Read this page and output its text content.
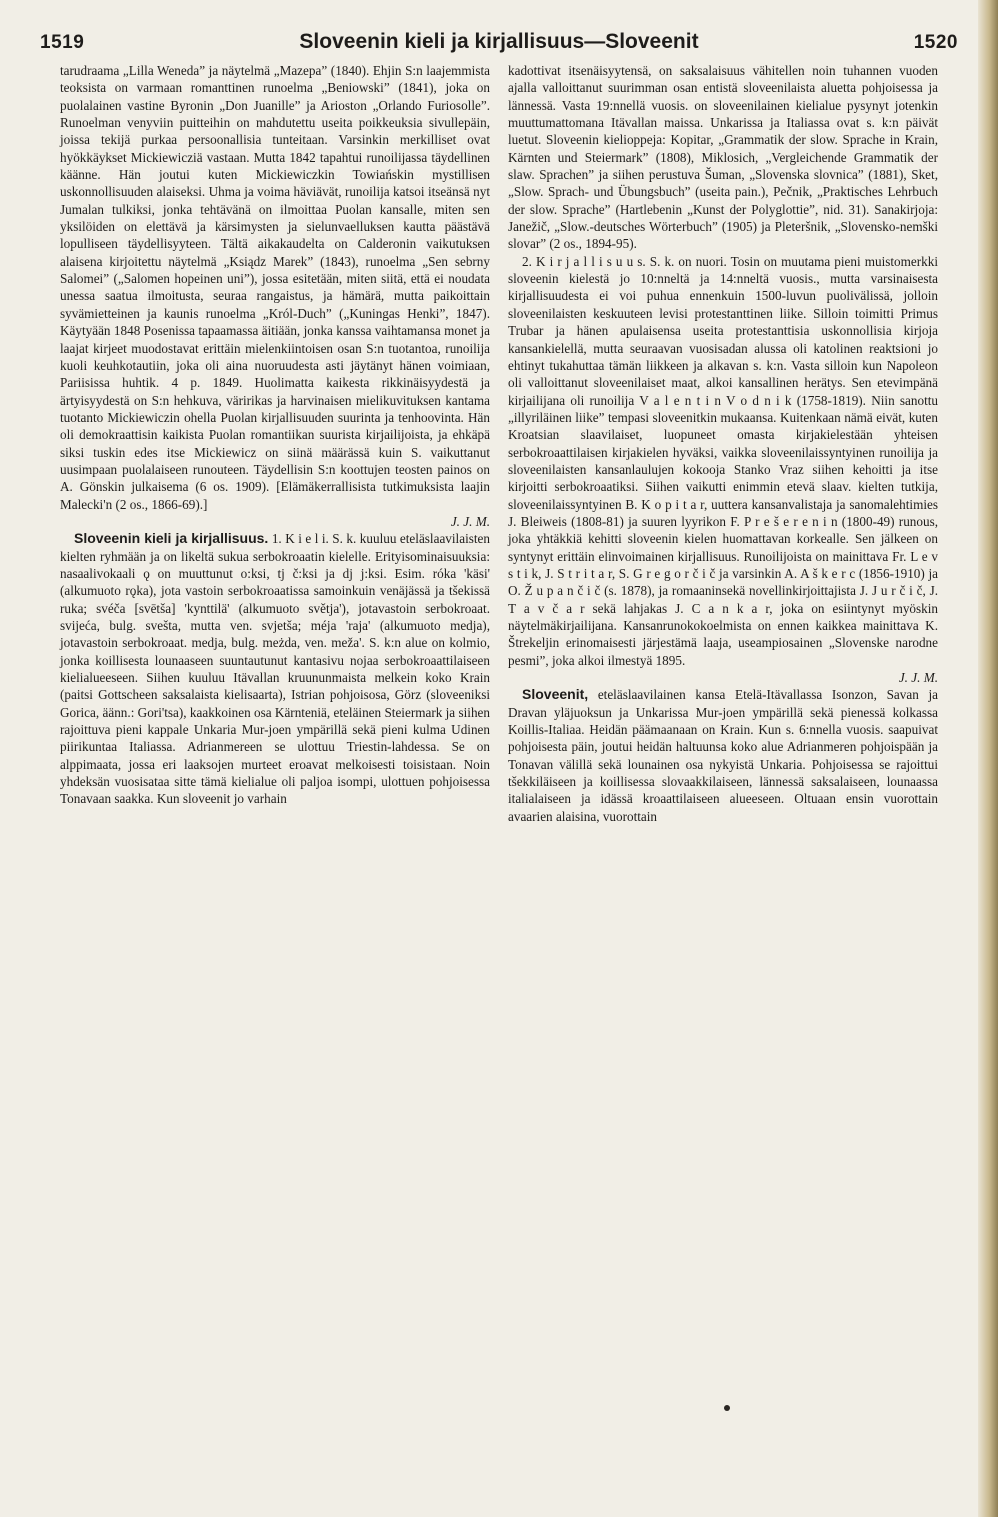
1519	Sloveenin kieli ja kirjallisuus—Sloveenit	1520

tarudraama „Lilla Weneda” ja näytelmä „Mazepa” (1840). Ehjin S:n laajemmista teoksista on varmaan romanttinen runoelma „Beniowski” (1841), joka on puolalainen vastine Byronin „Don Juanille” ja Arioston „Orlando Furiosolle”. Runoelman venyviin puitteihin on mahdutettu useita poikkeuksia sivullepäin, joissa tekijä purkaa persoonallisia tunteitaan. Varsinkin merkilliset ovat hyökkäykset Mickiewicziä vastaan. Mutta 1842 tapahtui runoilijassa täydellinen käänne. Hän joutui kuten Mickiewiczkin Towiańskin mystillisen uskonnollisuuden alaiseksi. Uhma ja voima häviävät, runoilija katsoi itseänsä nyt Jumalan tulkiksi, jonka tehtävänä on ilmoittaa Puolan kansalle, miten sen yksilöiden on elettävä ja kärsimysten ja sielunvaelluksen kautta päästävä lopulliseen täydellisyyteen. Tältä aikakaudelta on Calderonin vaikutuksen alaisena kirjoitettu näytelmä „Ksiądz Marek” (1843), runoelma „Sen sebrny Salomei” („Salomen hopeinen uni”), jossa esitetään, miten siitä, että ei noudata unessa saatua ilmoitusta, seuraa rangaistus, ja hämärä, mutta paikoittain syvämietteinen ja kaunis runoelma „Król-Duch” („Kuningas Henki”, 1847). Käytyään 1848 Posenissa tapaamassa äitiään, jonka kanssa vaihtamansa monet ja laajat kirjeet muodostavat erittäin mielenkiintoisen osan S:n tuotantoa, runoilija kuoli keuhkotautiin, joka oli aina nuoruudesta asti jäytänyt hänen voimiaan, Pariisissa huhtik. 4 p. 1849. Huolimatta kaikesta rikkinäisyydestä ja ärtyisyydestä on S:n hehkuva, väririkas ja harvinaisen mielikuvituksen kantama tuotanto Mickiewiczin ohella Puolan kirjallisuuden suurinta ja tenhoovinta. Hän oli demokraattisin kaikista Puolan romantiikan suurista kirjailijoista, ja ehkäpä siksi tuskin edes itse Mickiewicz on siinä määrässä kuin S. vaikuttanut uusimpaan puolalaiseen runouteen. Täydellisin S:n koottujen teosten painos on A. Gönskin julkaisema (6 os. 1909). [Elämäkerrallisista tutkimuksista laajin Malecki'n (2 os., 1866-69).]

J. J. M.

Sloveenin kieli ja kirjallisuus. 1. K i e l i. S. k. kuuluu eteläslaavilaisten kielten ryhmään ja on likeltä sukua serbokroaatin kielelle. Erityisominaisuuksia: nasaalivokaali ǫ on muuttunut o:ksi, tj č:ksi ja dj j:ksi. Esim. róka 'käsi' (alkumuoto rǫka), jota vastoin serbokroaatissa samoinkuin venäjässä ja tšekissä ruka; svéča [svētša] 'kynttilä' (alkumuoto světja'), jotavastoin serbokroaat. svijeća, bulg. svešta, mutta ven. svjetša; méja 'raja' (alkumuoto medja), jotavastoin serbokroaat. medja, bulg. meżda, ven. meža'. S. k:n alue on kolmio, jonka koillisesta lounaaseen suuntautunut kantasivu nojaa serbokroaattilaiseen kielialueeseen. Siihen kuuluu Itävallan kruununmaista melkein koko Krain (paitsi Gottscheen saksalaista kielisaarta), Istrian pohjoisosa, Görz (sloveeniksi Gorica, äänn.: Gori'tsa), kaakkoinen osa Kärnteniä, eteläinen Steiermark ja siihen rajoittuva pieni kappale Unkaria Mur-joen ympärillä sekä pieni kulma Udinen piirikuntaa Italiassa. Adrianmereen se ulottuu Triestin-lahdessa. Se on alppimaata, jossa eri laaksojen murteet eroavat melkoisesti toisistaan. Noin yhdeksän vuosisataa sitte tämä kielialue oli paljoa isompi, ulottuen pohjoisessa Tonavaan saakka. Kun sloveenit jo varhain

kadottivat itsenäisyytensä, on saksalaisuus vähitellen noin tuhannen vuoden ajalla valloittanut suurimman osan entistä sloveenilaista aluetta pohjoisessa ja lännessä. Vasta 19:nnellä vuosis. on sloveenilainen kielialue pysynyt jotenkin muuttumattomana Itävallan maissa. Unkarissa ja Italiassa ovat s. k:n päivät luetut. Sloveenin kielioppeja: Kopitar, „Grammatik der slow. Sprache in Krain, Kärnten und Steiermark” (1808), Miklosich, „Vergleichende Grammatik der slaw. Sprachen” ja siihen perustuva Šuman, „Slovenska slovnica” (1881), Sket, „Slow. Sprach- und Übungsbuch” (useita pain.), Pečnik, „Praktisches Lehrbuch der slow. Sprache” (Hartlebenin „Kunst der Polyglottie”, nid. 31). Sanakirjoja: Janežič, „Slow.-deutsches Wörterbuch” (1905) ja Pleteršnik, „Slovensko-nemški slovar” (2 os., 1894-95).

2. K i r j a l l i s u u s. S. k. on nuori. Tosin on muutama pieni muistomerkki sloveenin kielestä jo 10:nneltä ja 14:nneltä vuosis., mutta varsinaisesta kirjallisuudesta ei voi puhua ennenkuin 1500-luvun puolivälissä, jolloin sloveenilaisten keskuuteen levisi protestanttinen liike. Silloin toimitti Primus Trubar ja hänen apulaisensa useita protestanttisia uskonnollisia kirjoja kansankielellä, mutta seuraavan vuosisadan alussa oli katolinen reaktsioni jo ehtinyt tukahuttaa tämän liikkeen ja alkavan s. k:n. Vasta silloin kun Napoleon oli valloittanut sloveenilaiset maat, alkoi kansallinen herätys. Sen etevimpänä kirjailijana oli runoilija V a l e n t i n V o d n i k (1758-1819). Niin sanottu „illyriläinen liike” tempasi sloveenitkin mukaansa. Kuitenkaan nämä eivät, kuten Kroatsian slaavilaiset, luopuneet omasta kirjakielestään yhteisen serbokroaattilaisen kirjakielen hyväksi, vaikka sloveenilaissyntyinen runoilija ja sloveenilaisten kansanlaulujen kokooja Stanko Vraz siihen kehoitti ja itse kirjoitti serbokroaatiksi. Siihen vaikutti enimmin etevä slaav. kielten tutkija, sloveenilaissyntyinen B. K o p i t a r, uuttera kansanvalistaja ja sanomalehtimies J. Bleiweis (1808-81) ja suuren lyyrikon F. P r e š e r e n i n (1800-49) runous, joka yhtäkkiä kehitti sloveenin kielen huomattavan korkealle. Sen jälkeen on syntynyt erittäin elinvoimainen kirjallisuus. Runoilijoista on mainittava Fr. L e v s t i k, J. S t r i t a r, S. G r e g o r č i č ja varsinkin A. A š k e r c (1856-1910) ja O. Ž u p a n č i č (s. 1878), ja romaaninsekä novellinkirjoittajista J. J u r č i č, J. T a v č a r sekä lahjakas J. C a n k a r, joka on esiintynyt myöskin näytelmäkirjailijana. Kansanrunokokoelmista on ennen kaikkea mainittava K. Štrekeljin erinomaisesti järjestämä laaja, useampiosainen „Slovenske narodne pesmi”, joka alkoi ilmestyä 1895.

J. J. M.

Sloveenit, eteläslaavilainen kansa Etelä-Itävallassa Isonzon, Savan ja Dravan yläjuoksun ja Unkarissa Mur-joen ympärillä sekä pienessä kolkassa Koillis-Italiaa. Heidän päämaanaan on Krain. Kun s. 6:nnella vuosis. saapuivat pohjoisesta päin, joutui heidän haltuunsa koko alue Adrianmeren pohjoispään ja Tonavan välillä sekä lounainen osa nykyistä Unkaria. Pohjoisessa se rajoittui tšekkiläiseen ja koillisessa slovaakkilaiseen, lännessä saksalaiseen, lounaassa italialaiseen ja idässä kroaattilaiseen alueeseen. Oltuaan ensin vuorottain avaarien alaisina, vuorottain
